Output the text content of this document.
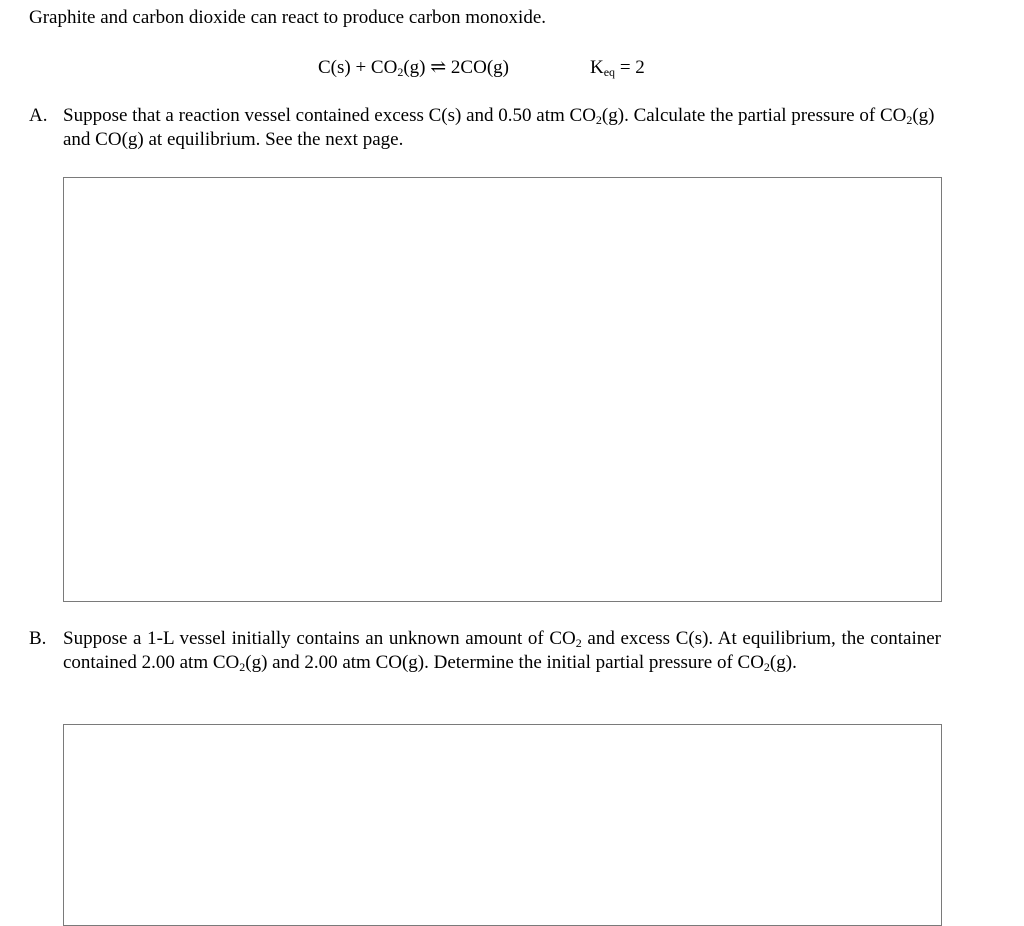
Graphite and carbon dioxide can react to produce carbon monoxide.

$C(s) + CO_2(g)$ ⇌ 2CO(g)	$K_{eq} = 2$

A. Suppose that a reaction vessel contained excess C(s) and 0.50 atm $CO_2(g)$. Calculate the partial pressure of $CO_2(g)$ and CO(g) at equilibrium. See the next page.
B. Suppose a 1-L vessel initially contains an unknown amount of $CO_2$ and excess C(s). At equilibrium, the container contained 2.00 atm $CO_2(g)$ and 2.00 atm CO(g). Determine the initial partial pressure of $CO_2(g)$.
